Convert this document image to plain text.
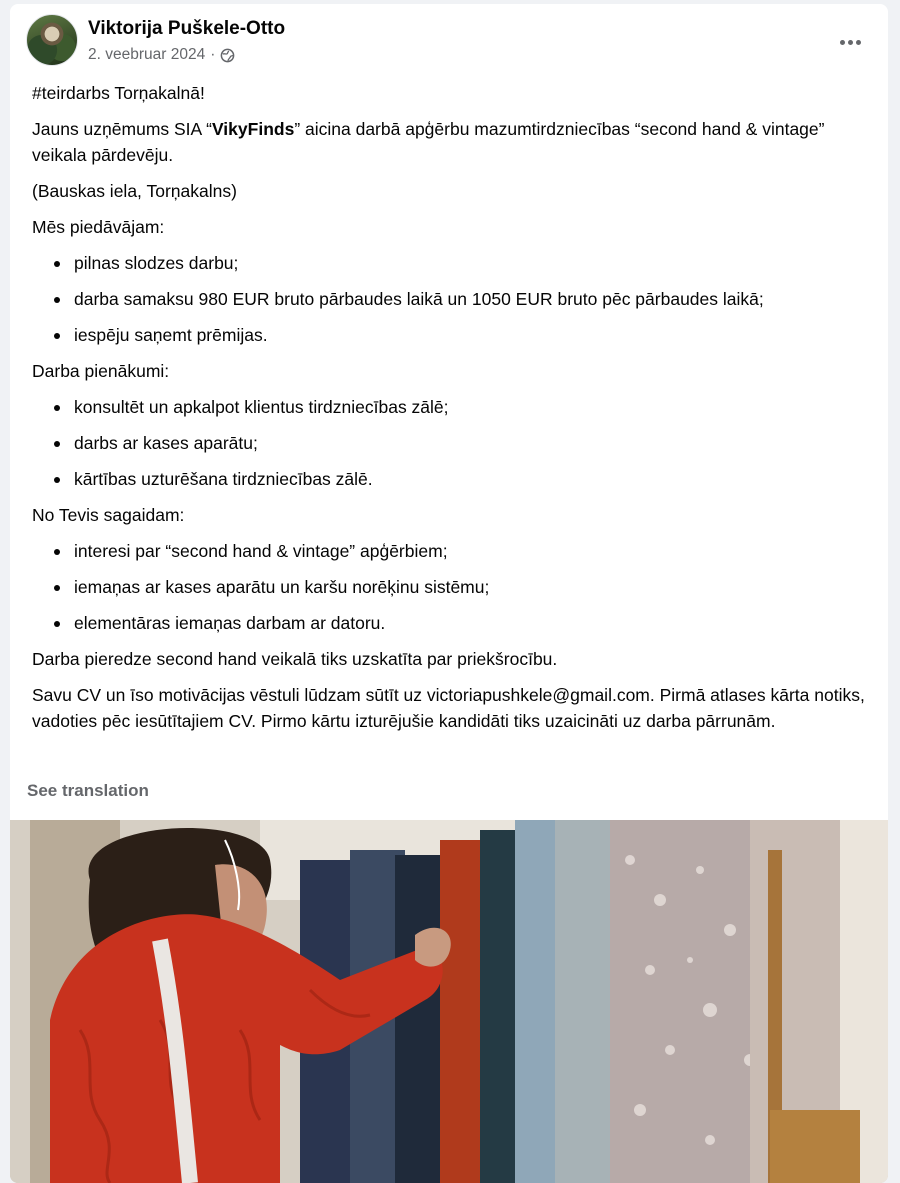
Viktorija Puškele-Otto
2. veebruar 2024 ·

#teirdarbs Torņakalnā!

Jauns uzņēmums SIA “VikyFinds” aicina darbā apģērbu mazumtirdzniecības “second hand & vintage” veikala pārdevēju.

(Bauskas iela, Torņakalns)

Mēs piedāvājam:

pilnas slodzes darbu;
darba samaksu 980 EUR bruto pārbaudes laikā un 1050 EUR bruto pēc pārbaudes laikā;
iespēju saņemt prēmijas.

Darba pienākumi:

konsultēt un apkalpot klientus tirdzniecības zālē;
darbs ar kases aparātu;
kārtības uzturēšana tirdzniecības zālē.

No Tevis sagaidam:

interesi par “second hand & vintage” apģērbiem;
iemaņas ar kases aparātu un karšu norēķinu sistēmu;
elementāras iemaņas darbam ar datoru.

Darba pieredze second hand veikalā tiks uzskatīta par priekšrocību.

Savu CV un īso motivācijas vēstuli lūdzam sūtīt uz victoriapushkele@gmail.com. Pirmā atlases kārta notiks, vadoties pēc iesūtītajiem CV. Pirmo kārtu izturējušie kandidāti tiks uzaicināti uz darba pārrunām.

See translation
